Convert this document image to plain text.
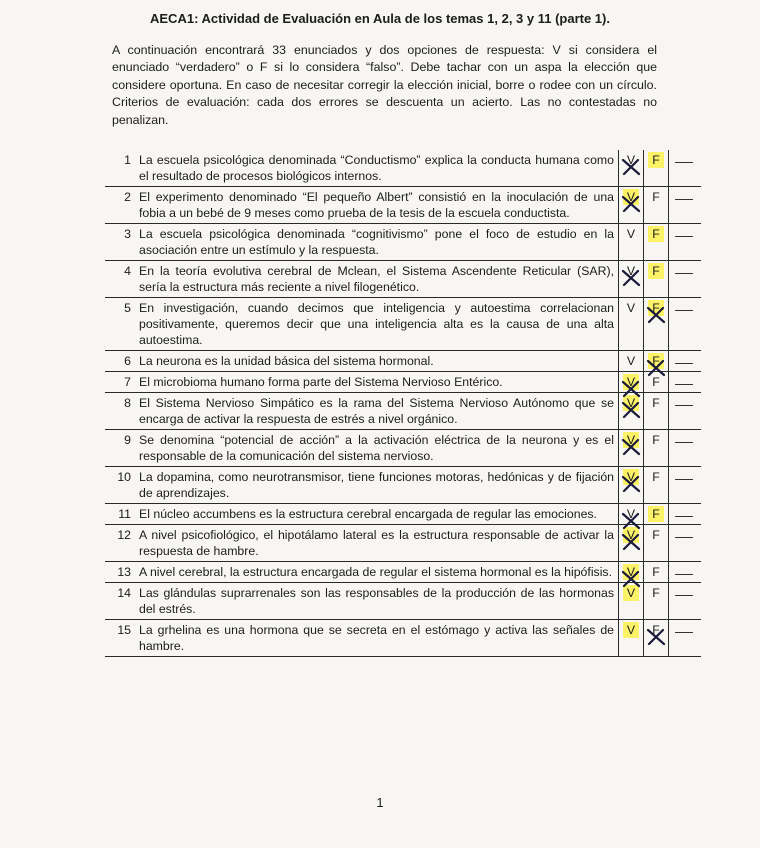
AECA1: Actividad de Evaluación en Aula de los temas 1, 2, 3 y 11 (parte 1).
A continuación encontrará 33 enunciados y dos opciones de respuesta: V si considera el enunciado “verdadero” o F si lo considera “falso”. Debe tachar con un aspa la elección que considere oportuna. En caso de necesitar corregir la elección inicial, borre o rodee con un círculo. Criterios de evaluación: cada dos errores se descuenta un acierto. Las no contestadas no penalizan.
1	La escuela psicológica denominada “Conductismo” explica la conducta humana como el resultado de procesos biológicos internos.	V	F	

2	El experimento denominado “El pequeño Albert” consistió en la inoculación de una fobia a un bebé de 9 meses como prueba de la tesis de la escuela conductista.	V	F	

3	La escuela psicológica denominada “cognitivismo” pone el foco de estudio en la asociación entre un estímulo y la respuesta.	V	F	

4	En la teoría evolutiva cerebral de Mclean, el Sistema Ascendente Reticular (SAR), sería la estructura más reciente a nivel filogenético.	V	F	

5	En investigación, cuando decimos que inteligencia y autoestima correlacionan positivamente, queremos decir que una inteligencia alta es la causa de una alta autoestima.	V	F

6	La neurona es la unidad básica del sistema hormonal.	V	F

7	El microbioma humano forma parte del Sistema Nervioso Entérico.	V	F	

8	El Sistema Nervioso Simpático es la rama del Sistema Nervioso Autónomo que se encarga de activar la respuesta de estrés a nivel orgánico.	V	F	

9	Se denomina “potencial de acción” a la activación eléctrica de la neurona y es el responsable de la comunicación del sistema nervioso.	V	F	

10	La dopamina, como neurotransmisor, tiene funciones motoras, hedónicas y de fijación de aprendizajes.	V	F	

11	El núcleo accumbens es la estructura cerebral encargada de regular las emociones.	V	F	

12	A nivel psicofiológico, el hipotálamo lateral es la estructura responsable de activar la respuesta de hambre.	V	F	

13	A nivel cerebral, la estructura encargada de regular el sistema hormonal es la hipófisis.	V	F	

14	Las glándulas suprarrenales son las responsables de la producción de las hormonas del estrés.	V	F	

15	La grhelina es una hormona que se secreta en el estómago y activa las señales de hambre.	V	F

1
